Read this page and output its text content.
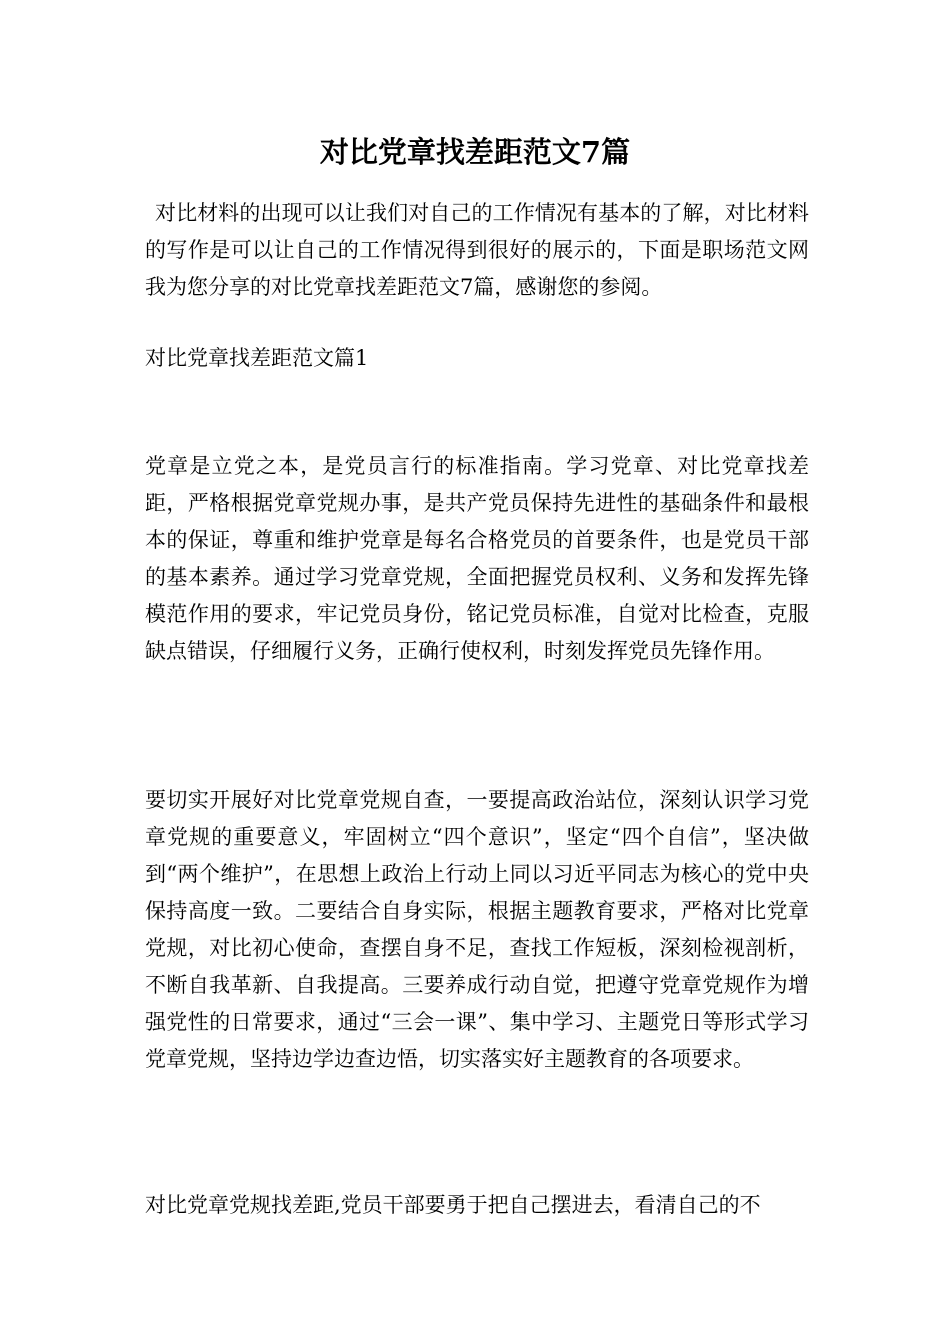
对比党章找差距范文7篇

对比材料的出现可以让我们对自己的工作情况有基本的了解，对比材料的写作是可以让自己的工作情况得到很好的展示的，下面是职场范文网我为您分享的对比党章找差距范文7篇，感谢您的参阅。

对比党章找差距范文篇1

党章是立党之本，是党员言行的标准指南。学习党章、对比党章找差距，严格根据党章党规办事，是共产党员保持先进性的基础条件和最根本的保证，尊重和维护党章是每名合格党员的首要条件，也是党员干部的基本素养。通过学习党章党规，全面把握党员权利、义务和发挥先锋模范作用的要求，牢记党员身份，铭记党员标准，自觉对比检查，克服缺点错误，仔细履行义务，正确行使权利，时刻发挥党员先锋作用。

要切实开展好对比党章党规自查，一要提高政治站位，深刻认识学习党章党规的重要意义，牢固树立“四个意识”，坚定“四个自信”，坚决做到“两个维护”，在思想上政治上行动上同以习近平同志为核心的党中央保持高度一致。二要结合自身实际，根据主题教育要求，严格对比党章党规，对比初心使命，查摆自身不足，查找工作短板，深刻检视剖析，不断自我革新、自我提高。三要养成行动自觉，把遵守党章党规作为增强党性的日常要求，通过“三会一课”、集中学习、主题党日等形式学习党章党规，坚持边学边查边悟，切实落实好主题教育的各项要求。

对比党章党规找差距,党员干部要勇于把自己摆进去，看清自己的不
